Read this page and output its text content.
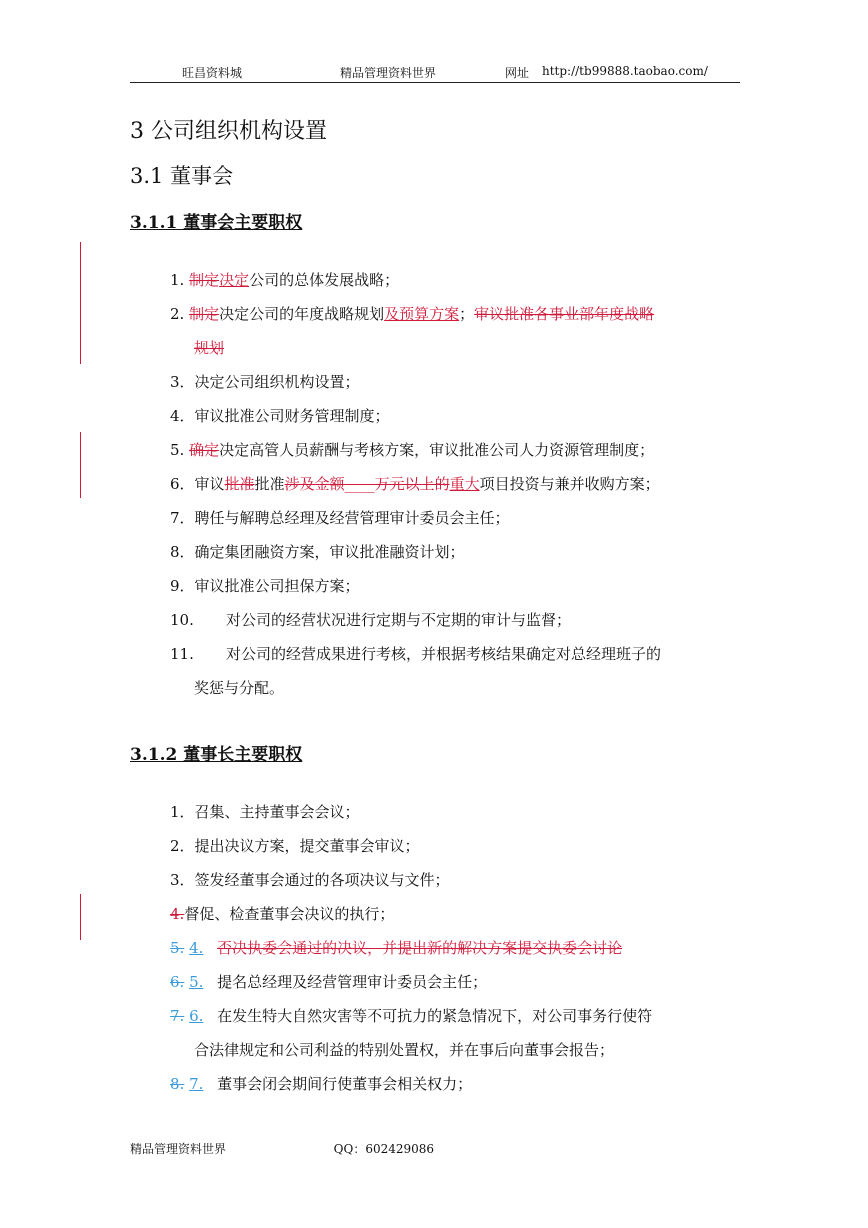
旺昌资料城	精品管理资料世界	网址 http://tb99888.taobao.com/
3 公司组织机构设置
3.1 董事会
3.1.1 董事会主要职权
1. 制定决定公司的总体发展战略；
2. 制定决定公司的年度战略规划及预算方案；审议批准各事业部年度战略
规划
3．决定公司组织机构设置；
4．审议批准公司财务管理制度；
5. 确定决定高管人员薪酬与考核方案，审议批准公司人力资源管理制度；
6．审议批准批准涉及金额____万元以上的重大项目投资与兼并收购方案；
7．聘任与解聘总经理及经营管理审计委员会主任；
8．确定集团融资方案，审议批准融资计划；
9．审议批准公司担保方案；
10. 对公司的经营状况进行定期与不定期的审计与监督；
11. 对公司的经营成果进行考核，并根据考核结果确定对总经理班子的
奖惩与分配。
3.1.2 董事长主要职权
1．召集、主持董事会会议；
2．提出决议方案，提交董事会审议；
3．签发经董事会通过的各项决议与文件；
4.督促、检查董事会决议的执行；
5. 4. 否决执委会通过的决议，并提出新的解决方案提交执委会讨论
6. 5. 提名总经理及经营管理审计委员会主任；
7. 6. 在发生特大自然灾害等不可抗力的紧急情况下，对公司事务行使符
合法律规定和公司利益的特别处置权，并在事后向董事会报告；
8. 7. 董事会闭会期间行使董事会相关权力；
精品管理资料世界	QQ：602429086
